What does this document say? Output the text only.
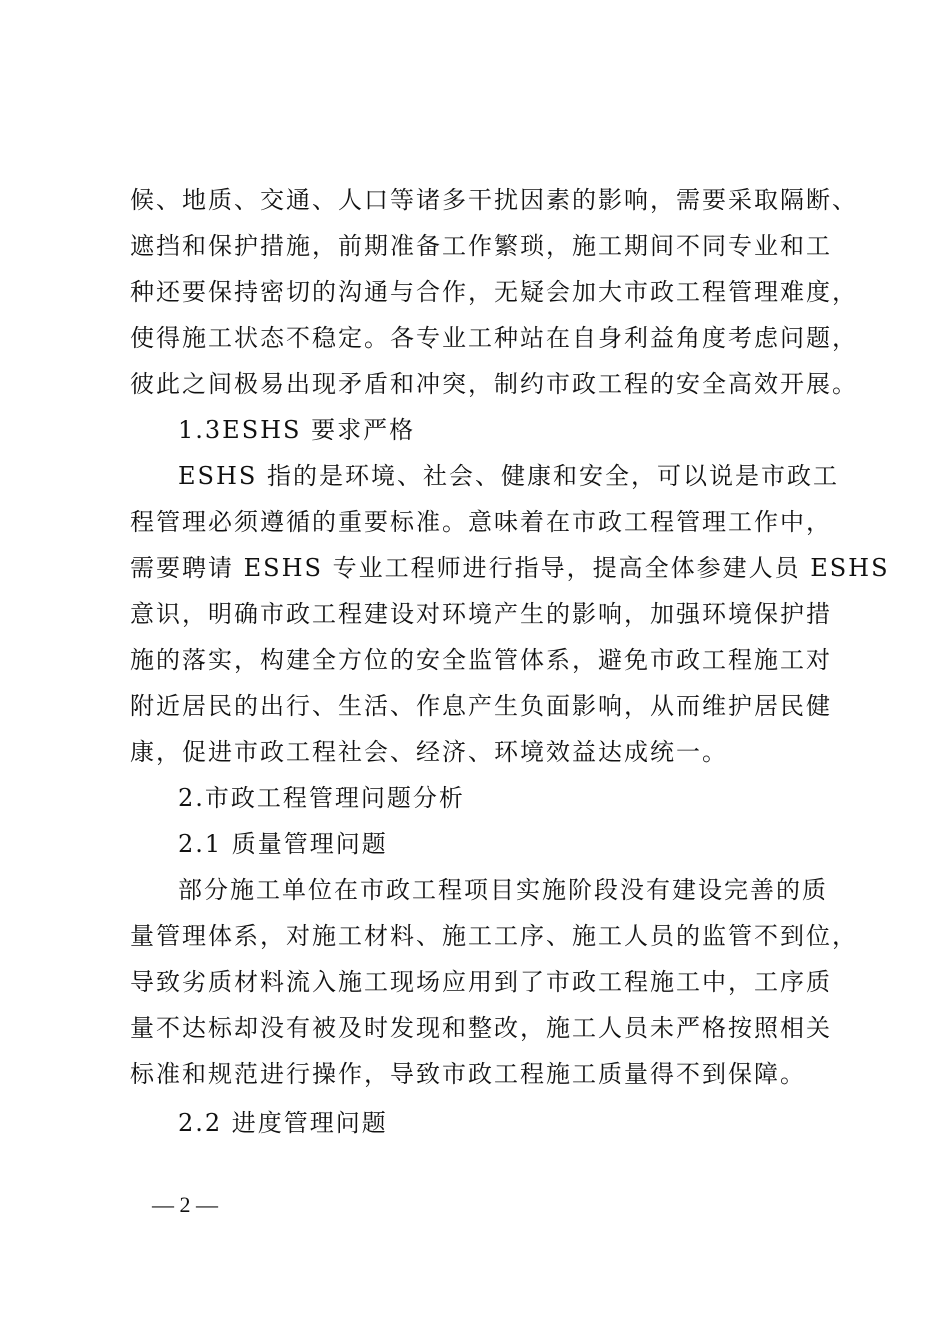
候、地质、交通、人口等诸多干扰因素的影响，需要采取隔断、
遮挡和保护措施，前期准备工作繁琐，施工期间不同专业和工
种还要保持密切的沟通与合作，无疑会加大市政工程管理难度，
使得施工状态不稳定。各专业工种站在自身利益角度考虑问题，
彼此之间极易出现矛盾和冲突，制约市政工程的安全高效开展。
1.3ESHS 要求严格
ESHS 指的是环境、社会、健康和安全，可以说是市政工
程管理必须遵循的重要标准。意味着在市政工程管理工作中，
需要聘请 ESHS 专业工程师进行指导，提高全体参建人员 ESHS
意识，明确市政工程建设对环境产生的影响，加强环境保护措
施的落实，构建全方位的安全监管体系，避免市政工程施工对
附近居民的出行、生活、作息产生负面影响，从而维护居民健
康，促进市政工程社会、经济、环境效益达成统一。
2.市政工程管理问题分析
2.1 质量管理问题
部分施工单位在市政工程项目实施阶段没有建设完善的质
量管理体系，对施工材料、施工工序、施工人员的监管不到位，
导致劣质材料流入施工现场应用到了市政工程施工中，工序质
量不达标却没有被及时发现和整改，施工人员未严格按照相关
标准和规范进行操作，导致市政工程施工质量得不到保障。
2.2 进度管理问题
— 2 —
